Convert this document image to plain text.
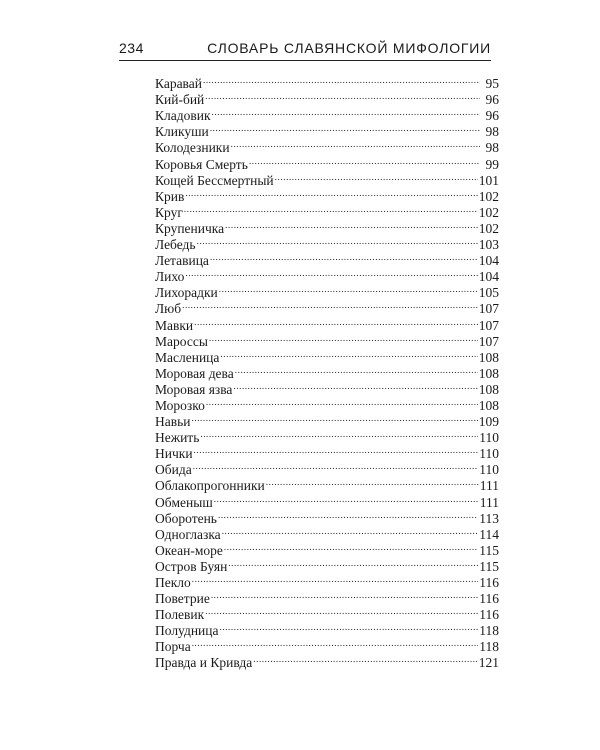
234	СЛОВАРЬ СЛАВЯНСКОЙ МИФОЛОГИИ
Каравай .....	95
Кий-бий .....	96
Кладовик .....	96
Кликуши .....	98
Колодезники .....	98
Коровья Смерть .....	99
Кощей Бессмертный .....	101
Крив .....	102
Круг .....	102
Крупеничка .....	102
Лебедь .....	103
Летавица .....	104
Лихо .....	104
Лихорадки .....	105
Люб .....	107
Мавки .....	107
Мароссы .....	107
Масленица .....	108
Моровая дева .....	108
Моровая язва .....	108
Морозко .....	108
Навьи .....	109
Нежить .....	110
Нички .....	110
Обида .....	110
Облакопрогонники .....	111
Обменыш .....	111
Оборотень .....	113
Одноглазка .....	114
Океан-море .....	115
Остров Буян .....	115
Пекло .....	116
Поветрие .....	116
Полевик .....	116
Полудница .....	118
Порча .....	118
Правда и Кривда .....	121
